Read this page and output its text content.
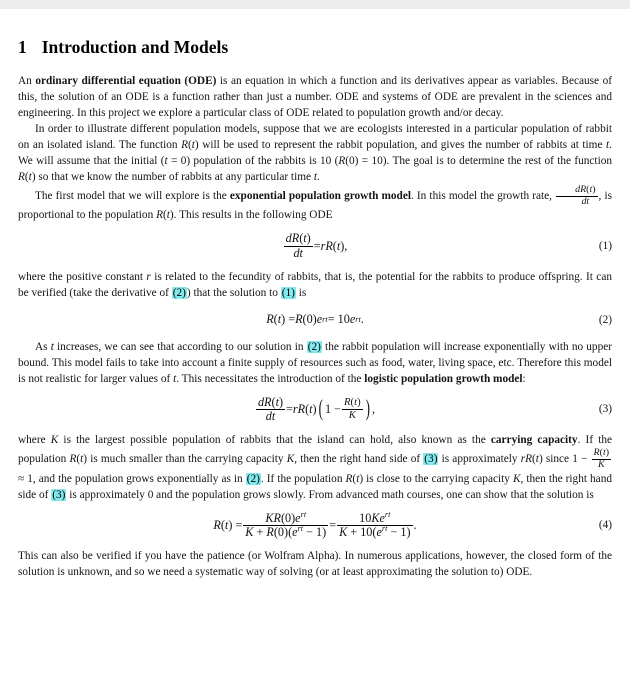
1 Introduction and Models

An ordinary differential equation (ODE) is an equation in which a function and its derivatives appear as variables. Because of this, the solution of an ODE is a function rather than just a number. ODE and systems of ODE are prevalent in the sciences and engineering. In this project we explore a particular class of ODE related to population growth and/or decay.

In order to illustrate different population models, suppose that we are ecologists interested in a particular population of rabbit on an isolated island. The function R(t) will be used to represent the rabbit population, and gives the number of rabbits at time t. We will assume that the initial (t = 0) population of the rabbits is 10 (R(0) = 10). The goal is to determine the rest of the function R(t) so that we know the number of rabbits at any particular time t.

The first model that we will explore is the exponential population growth model. In this model the growth rate, $\frac{dR(t)}{dt}$ , is proportional to the population R(t). This results in the following ODE

$\frac{dR(t)}{dt}$ = rR ( t ),	(1)

where the positive constant r is related to the fecundity of rabbits, that is, the potential for the rabbits to produce offspring. It can be verified (take the derivative of (2)) that the solution to (1) is

R ( t ) = R (0) e rt = 10 e rt .	(2)

As t increases, we can see that according to our solution in (2) the rabbit population will increase exponentially with no upper bound. This model fails to take into account a finite supply of resources such as food, water, living space, etc. Therefore this model is not realistic for larger values of t. This necessitates the introduction of the logistic population growth model:

$\frac{dR(t)}{dt}$ = rR ( t ) ( $1 - \frac{R(t)}{K}$ ) ,	(3)

where K is the largest possible population of rabbits that the island can hold, also known as the carrying capacity. If the population R(t) is much smaller than the carrying capacity K, then the right hand side of (3) is approximately rR(t) since $1 - \frac{R(t)}{K}$
≈ 1, and the population grows exponentially as in (2). If the population R(t) is close to the carrying capacity K, then the right hand side of (3) is approximately 0 and the population grows slowly. From advanced math courses, one can show that the solution is

R ( t ) = $\frac{KR(0)e^{rt}}{K + R(0)(e^{rt} - 1)} = \frac{10Ke^{rt}}{K + 10(e^{rt} - 1)}$ .	(4)

This can also be verified if you have the patience (or Wolfram Alpha). In numerous applications, however, the closed form of the solution is unknown, and so we need a systematic way of solving (or at least approximating the solution to) ODE.
